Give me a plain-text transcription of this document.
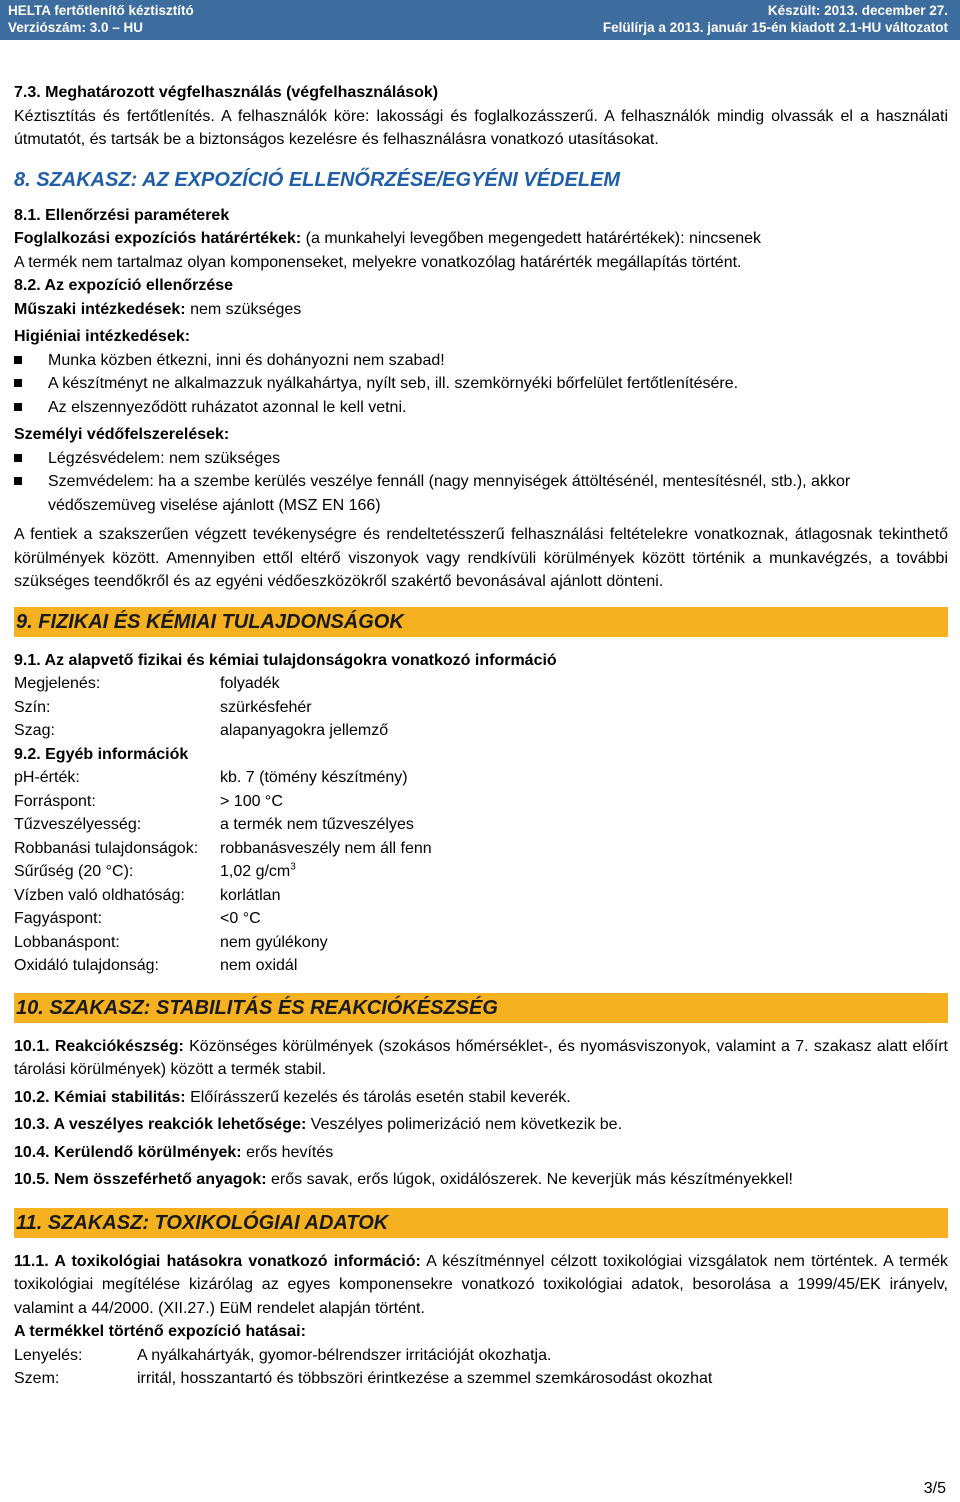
HELTA fertőtlenítő kéztisztító	Készült: 2013. december 27.
Verziószám: 3.0 – HU	Felülírja a 2013. január 15-én kiadott 2.1-HU változatot

7.3. Meghatározott végfelhasználás (végfelhasználások)

Kéztisztítás és fertőtlenítés. A felhasználók köre: lakossági és foglalkozásszerű. A felhasználók mindig olvassák el a használati útmutatót, és tartsák be a biztonságos kezelésre és felhasználásra vonatkozó utasításokat.

8. SZAKASZ: AZ EXPOZÍCIÓ ELLENŐRZÉSE/EGYÉNI VÉDELEM

8.1. Ellenőrzési paraméterek

Foglalkozási expozíciós határértékek: (a munkahelyi levegőben megengedett határértékek): nincsenek

A termék nem tartalmaz olyan komponenseket, melyekre vonatkozólag határérték megállapítás történt.

8.2. Az expozíció ellenőrzése

Műszaki intézkedések: nem szükséges

Higiéniai intézkedések:

Munka közben étkezni, inni és dohányozni nem szabad!
A készítményt ne alkalmazzuk nyálkahártya, nyílt seb, ill. szemkörnyéki bőrfelület fertőtlenítésére.
Az elszennyeződött ruházatot azonnal le kell vetni.

Személyi védőfelszerelések:

Légzésvédelem: nem szükséges
Szemvédelem: ha a szembe kerülés veszélye fennáll (nagy mennyiségek áttöltésénél, mentesítésnél, stb.), akkor védőszemüveg viselése ajánlott (MSZ EN 166)

A fentiek a szakszerűen végzett tevékenységre és rendeltetésszerű felhasználási feltételekre vonatkoznak, átlagosnak tekinthető körülmények között. Amennyiben ettől eltérő viszonyok vagy rendkívüli körülmények között történik a munkavégzés, a további szükséges teendőkről és az egyéni védőeszközökről szakértő bevonásával ajánlott dönteni.

9. FIZIKAI ÉS KÉMIAI TULAJDONSÁGOK

9.1. Az alapvető fizikai és kémiai tulajdonságokra vonatkozó információ

Megjelenés:	folyadék
Szín:	szürkésfehér
Szag:	alapanyagokra jellemző

9.2. Egyéb információk

pH-érték:	kb. 7 (tömény készítmény)
Forráspont:	> 100 °C
Tűzveszélyesség:	a termék nem tűzveszélyes
Robbanási tulajdonságok:	robbanásveszély nem áll fenn
Sűrűség (20 °C):	1,02 $g/cm^3$
Vízben való oldhatóság:	korlátlan
Fagyáspont:	<0 °C
Lobbanáspont:	nem gyúlékony
Oxidáló tulajdonság:	nem oxidál
10. SZAKASZ: STABILITÁS ÉS REAKCIÓKÉSZSÉG

10.1. Reakciókészség: Közönséges körülmények (szokásos hőmérséklet-, és nyomásviszonyok, valamint a 7. szakasz alatt előírt tárolási körülmények) között a termék stabil.

10.2. Kémiai stabilitás: Előírásszerű kezelés és tárolás esetén stabil keverék.

10.3. A veszélyes reakciók lehetősége: Veszélyes polimerizáció nem következik be.

10.4. Kerülendő körülmények: erős hevítés

10.5. Nem összeférhető anyagok: erős savak, erős lúgok, oxidálószerek. Ne keverjük más készítményekkel!

11. SZAKASZ: TOXIKOLÓGIAI ADATOK

11.1. A toxikológiai hatásokra vonatkozó információ: A készítménnyel célzott toxikológiai vizsgálatok nem történtek. A termék toxikológiai megítélése kizárólag az egyes komponensekre vonatkozó toxikológiai adatok, besorolása a 1999/45/EK irányelv, valamint a 44/2000. (XII.27.) EüM rendelet alapján történt.

A termékkel történő expozíció hatásai:

Lenyelés:	A nyálkahártyák, gyomor-bélrendszer irritációját okozhatja.
Szem:	irritál, hosszantartó és többszöri érintkezése a szemmel szemkárosodást okozhat
3/5
